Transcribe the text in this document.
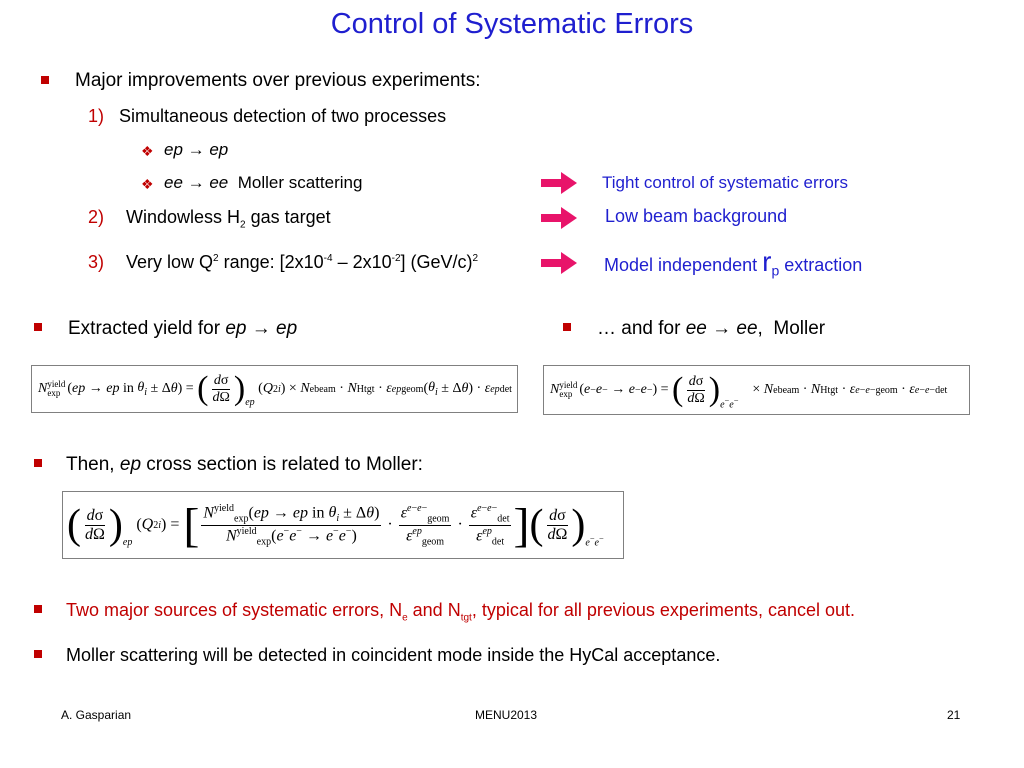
Control of Systematic Errors
Major improvements over previous experiments:
1) Simultaneous detection of two processes
❖ ep → ep
❖ ee → ee  Moller scattering
2) Windowless $H_2$ gas target
3) Very low $Q^2$ range: $[2x10^{-4} - 2x10^{-2}]$ $(GeV/c)^2$
Tight control of systematic errors
Low beam background
Model independent $r_p$ extraction
Extracted yield for ep → ep	… and for ee → ee,  Moller
N yield
exp ( ep → ep in $\theta_i \pm \Delta$ θ ) = ( $\frac{d\sigma}{d\Omega}$ ) $_{ep}$
( Q 2 i ) × N e beam · N H tgt · ε ep geom ( $\theta_i \pm \Delta$ θ ) · ε ep det	N yield
exp ( e − e − → e − e − ) = ( $\frac{d\sigma}{d\Omega}$ ) $_{e^-e^-}$
× N e beam · N H tgt · ε e−e− geom · ε e−e− det
Then, ep cross section is related to Moller:
( $\frac{d\sigma}{d\Omega}$ ) $_{ep}$
( Q 2 i ) = [ $\frac{N^{yield}_{exp}(ep \to ep in \theta_i \pm \Delta\theta)}{N^{yield}_{exp}(e^-e^- \to e^-e^-)} \cdot \frac{\varepsilon^{e-e-}_{geom}}{\varepsilon^{ep}_{geom}} \cdot \frac{\varepsilon^{e-e-}_{det}}{\varepsilon^{ep}_{det}}$ ] ( $\frac{d\sigma}{d\Omega}$ ) $_{e^-e^-}$
Two major sources of systematic errors, $N_e$ and $N_{tgt}$, typical for all previous experiments, cancel out.
Moller scattering will be detected in coincident mode inside the HyCal acceptance.
A. Gasparian	MENU2013	21
